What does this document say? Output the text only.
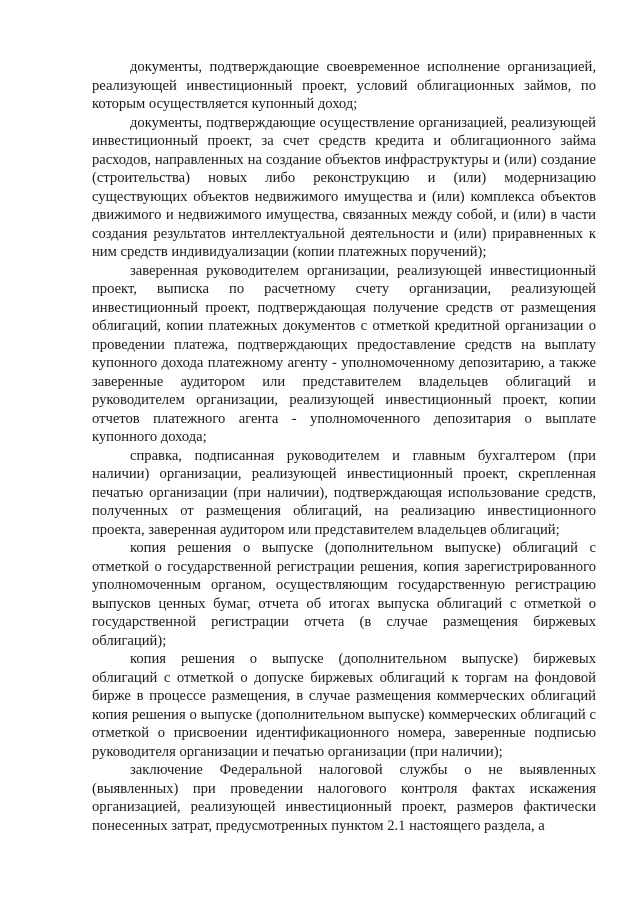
документы, подтверждающие своевременное исполнение организацией, реализующей инвестиционный проект, условий облигационных займов, по которым осуществляется купонный доход;

документы, подтверждающие осуществление организацией, реализующей инвестиционный проект, за счет средств кредита и облигационного займа расходов, направленных на создание объектов инфраструктуры и (или) создание (строительства) новых либо реконструкцию и (или) модернизацию существующих объектов недвижимого имущества и (или) комплекса объектов движимого и недвижимого имущества, связанных между собой, и (или) в части создания результатов интеллектуальной деятельности и (или) приравненных к ним средств индивидуализации (копии платежных поручений);

заверенная руководителем организации, реализующей инвестиционный проект, выписка по расчетному счету организации, реализующей инвестиционный проект, подтверждающая получение средств от размещения облигаций, копии платежных документов с отметкой кредитной организации о проведении платежа, подтверждающих предоставление средств на выплату купонного дохода платежному агенту - уполномоченному депозитарию, а также заверенные аудитором или представителем владельцев облигаций и руководителем организации, реализующей инвестиционный проект, копии отчетов платежного агента - уполномоченного депозитария о выплате купонного дохода;

справка, подписанная руководителем и главным бухгалтером (при наличии) организации, реализующей инвестиционный проект, скрепленная печатью организации (при наличии), подтверждающая использование средств, полученных от размещения облигаций, на реализацию инвестиционного проекта, заверенная аудитором или представителем владельцев облигаций;

копия решения о выпуске (дополнительном выпуске) облигаций с отметкой о государственной регистрации решения, копия зарегистрированного уполномоченным органом, осуществляющим государственную регистрацию выпусков ценных бумаг, отчета об итогах выпуска облигаций с отметкой о государственной регистрации отчета (в случае размещения биржевых облигаций);

копия решения о выпуске (дополнительном выпуске) биржевых облигаций с отметкой о допуске биржевых облигаций к торгам на фондовой бирже в процессе размещения, в случае размещения коммерческих облигаций копия решения о выпуске (дополнительном выпуске) коммерческих облигаций с отметкой о присвоении идентификационного номера, заверенные подписью руководителя организации и печатью организации (при наличии);

заключение Федеральной налоговой службы о не выявленных (выявленных) при проведении налогового контроля фактах искажения организацией, реализующей инвестиционный проект, размеров фактически понесенных затрат, предусмотренных пунктом 2.1 настоящего раздела, а
